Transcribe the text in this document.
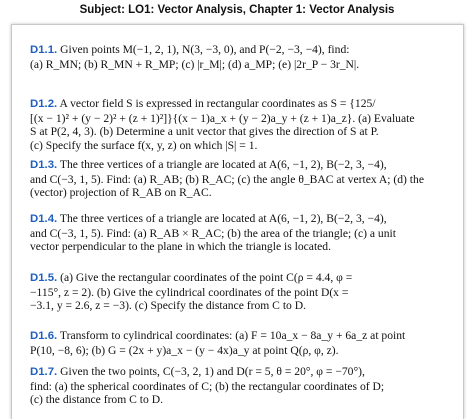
Subject: LO1: Vector Analysis, Chapter 1: Vector Analysis
D1.1. Given points M(−1, 2, 1), N(3, −3, 0), and P(−2, −3, −4), find:
(a) R_MN; (b) R_MN + R_MP; (c) |r_M|; (d) a_MP; (e) |2r_P − 3r_N|.
D1.2. A vector field S is expressed in rectangular coordinates as S = {125/
[(x − 1)² + (y − 2)² + (z + 1)²]}{(x − 1)a_x + (y − 2)a_y + (z + 1)a_z}. (a) Evaluate
S at P(2, 4, 3). (b) Determine a unit vector that gives the direction of S at P.
(c) Specify the surface f(x, y, z) on which |S| = 1.
D1.3. The three vertices of a triangle are located at A(6, −1, 2), B(−2, 3, −4),
and C(−3, 1, 5). Find: (a) R_AB; (b) R_AC; (c) the angle θ_BAC at vertex A; (d) the
(vector) projection of R_AB on R_AC.
D1.4. The three vertices of a triangle are located at A(6, −1, 2), B(−2, 3, −4),
and C(−3, 1, 5). Find: (a) R_AB × R_AC; (b) the area of the triangle; (c) a unit
vector perpendicular to the plane in which the triangle is located.
D1.5. (a) Give the rectangular coordinates of the point C(ρ = 4.4, φ =
−115°, z = 2). (b) Give the cylindrical coordinates of the point D(x =
−3.1, y = 2.6, z = −3). (c) Specify the distance from C to D.
D1.6. Transform to cylindrical coordinates: (a) F = 10a_x − 8a_y + 6a_z at point
P(10, −8, 6); (b) G = (2x + y)a_x − (y − 4x)a_y at point Q(ρ, φ, z).
D1.7. Given the two points, C(−3, 2, 1) and D(r = 5, θ = 20°, φ = −70°),
find: (a) the spherical coordinates of C; (b) the rectangular coordinates of D;
(c) the distance from C to D.
